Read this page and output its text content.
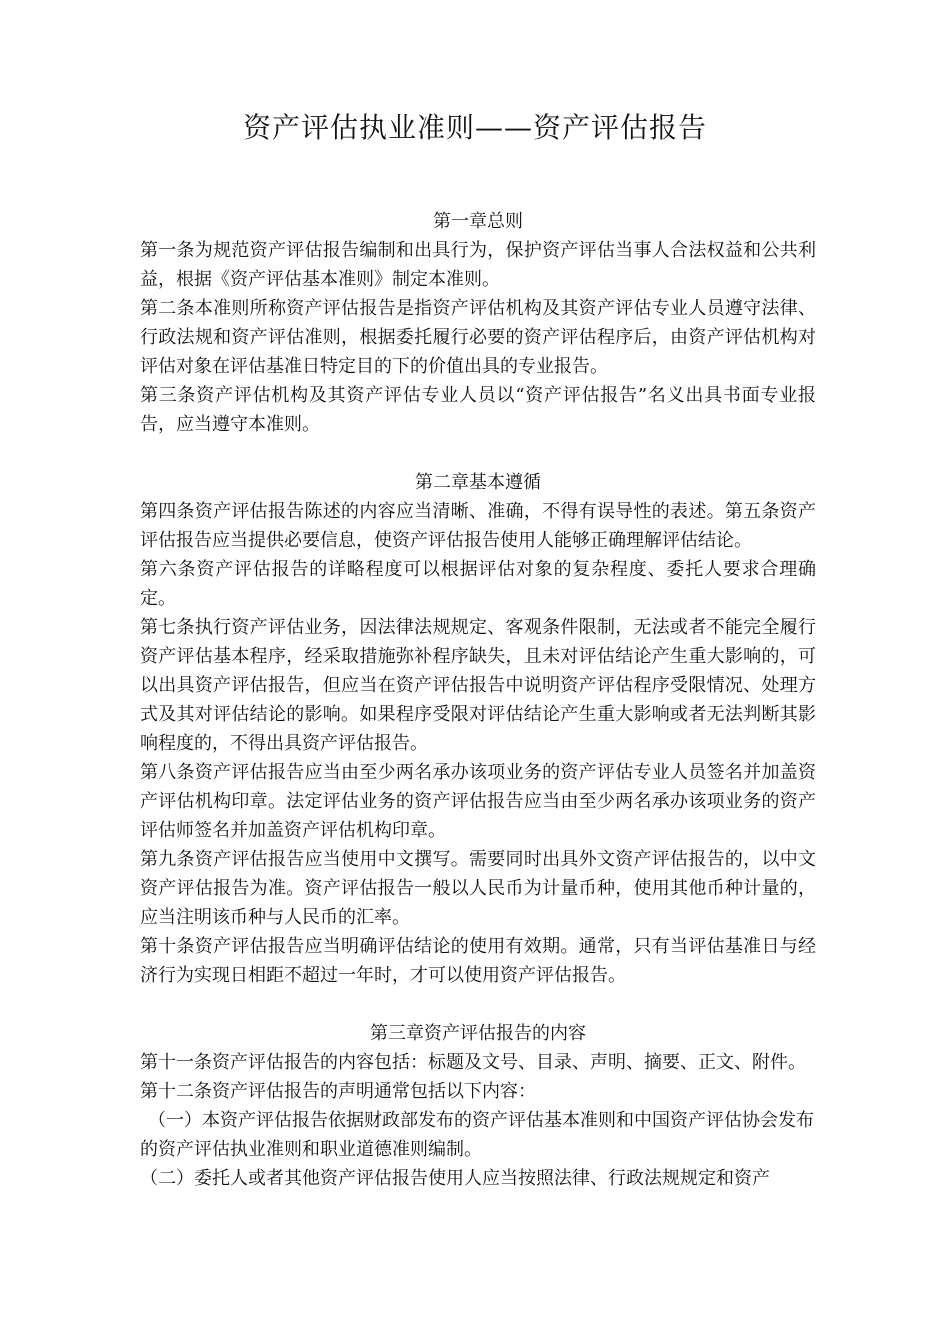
资产评估执业准则——资产评估报告

第一章总则

第一条为规范资产评估报告编制和出具行为，保护资产评估当事人合法权益和公共利益，根据《资产评估基本准则》制定本准则。

第二条本准则所称资产评估报告是指资产评估机构及其资产评估专业人员遵守法律、行政法规和资产评估准则，根据委托履行必要的资产评估程序后，由资产评估机构对评估对象在评估基准日特定目的下的价值出具的专业报告。

第三条资产评估机构及其资产评估专业人员以“资产评估报告”名义出具书面专业报告，应当遵守本准则。

第二章基本遵循

第四条资产评估报告陈述的内容应当清晰、准确，不得有误导性的表述。第五条资产评估报告应当提供必要信息，使资产评估报告使用人能够正确理解评估结论。

第六条资产评估报告的详略程度可以根据评估对象的复杂程度、委托人要求合理确定。

第七条执行资产评估业务，因法律法规规定、客观条件限制，无法或者不能完全履行资产评估基本程序，经采取措施弥补程序缺失，且未对评估结论产生重大影响的，可以出具资产评估报告，但应当在资产评估报告中说明资产评估程序受限情况、处理方式及其对评估结论的影响。如果程序受限对评估结论产生重大影响或者无法判断其影响程度的，不得出具资产评估报告。

第八条资产评估报告应当由至少两名承办该项业务的资产评估专业人员签名并加盖资产评估机构印章。法定评估业务的资产评估报告应当由至少两名承办该项业务的资产评估师签名并加盖资产评估机构印章。

第九条资产评估报告应当使用中文撰写。需要同时出具外文资产评估报告的，以中文资产评估报告为准。资产评估报告一般以人民币为计量币种，使用其他币种计量的，应当注明该币种与人民币的汇率。

第十条资产评估报告应当明确评估结论的使用有效期。通常，只有当评估基准日与经济行为实现日相距不超过一年时，才可以使用资产评估报告。

第三章资产评估报告的内容

第十一条资产评估报告的内容包括：标题及文号、目录、声明、摘要、正文、附件。

第十二条资产评估报告的声明通常包括以下内容：

（一）本资产评估报告依据财政部发布的资产评估基本准则和中国资产评估协会发布的资产评估执业准则和职业道德准则编制。

（二）委托人或者其他资产评估报告使用人应当按照法律、行政法规规定和资产
